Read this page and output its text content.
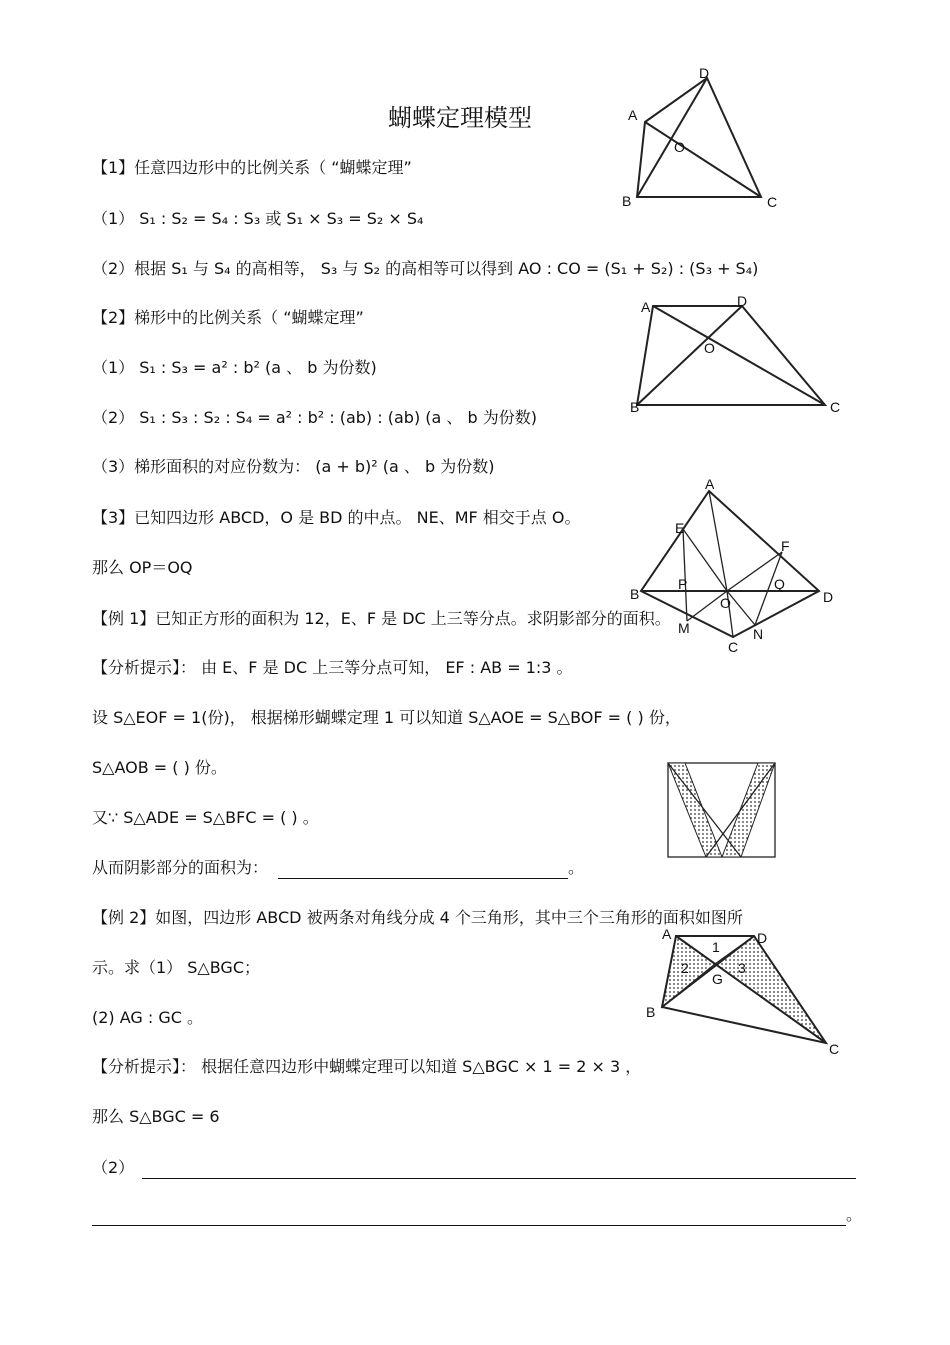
蝴蝶定理模型
【1】任意四边形中的比例关系（ “蝴蝶定理”
（1） S₁ : S₂ = S₄ : S₃ 或 S₁ × S₃ = S₂ × S₄
（2）根据 S₁ 与 S₄ 的高相等， S₃ 与 S₂ 的高相等可以得到 AO : CO = (S₁ + S₂) : (S₃ + S₄)
【2】梯形中的比例关系（ “蝴蝶定理”
（1） S₁ : S₃ = a² : b² (a 、 b 为份数)
（2） S₁ : S₃ : S₂ : S₄ = a² : b² : (ab) : (ab) (a 、 b 为份数)
（3）梯形面积的对应份数为： (a + b)² (a 、 b 为份数)
【3】已知四边形 ABCD，O 是 BD 的中点。 NE、MF 相交于点 O。
那么 OP＝OQ
【例 1】已知正方形的面积为 12，E、F 是 DC 上三等分点。求阴影部分的面积。
【分析提示】： 由 E、F 是 DC 上三等分点可知， EF : AB = 1:3 。
设 S△EOF = 1(份)， 根据梯形蝴蝶定理 1 可以知道 S△AOE = S△BOF = ( ) 份，
S△AOB = ( ) 份。
又∵ S△ADE = S△BFC = ( ) 。
从而阴影部分的面积为：	。
【例 2】如图，四边形 ABCD 被两条对角线分成 4 个三角形，其中三个三角形的面积如图所
示。求（1） S△BGC；
(2) AG : GC 。
【分析提示】： 根据任意四边形中蝴蝶定理可以知道 S△BGC × 1 = 2 × 3 ，
那么 S△BGC = 6
（2）
。
D
A
O
B	C
A	D
O
B	C
A
E
F
B
P	Q
O	D
M	N
C
A	D
1
2	3
G
B
C
